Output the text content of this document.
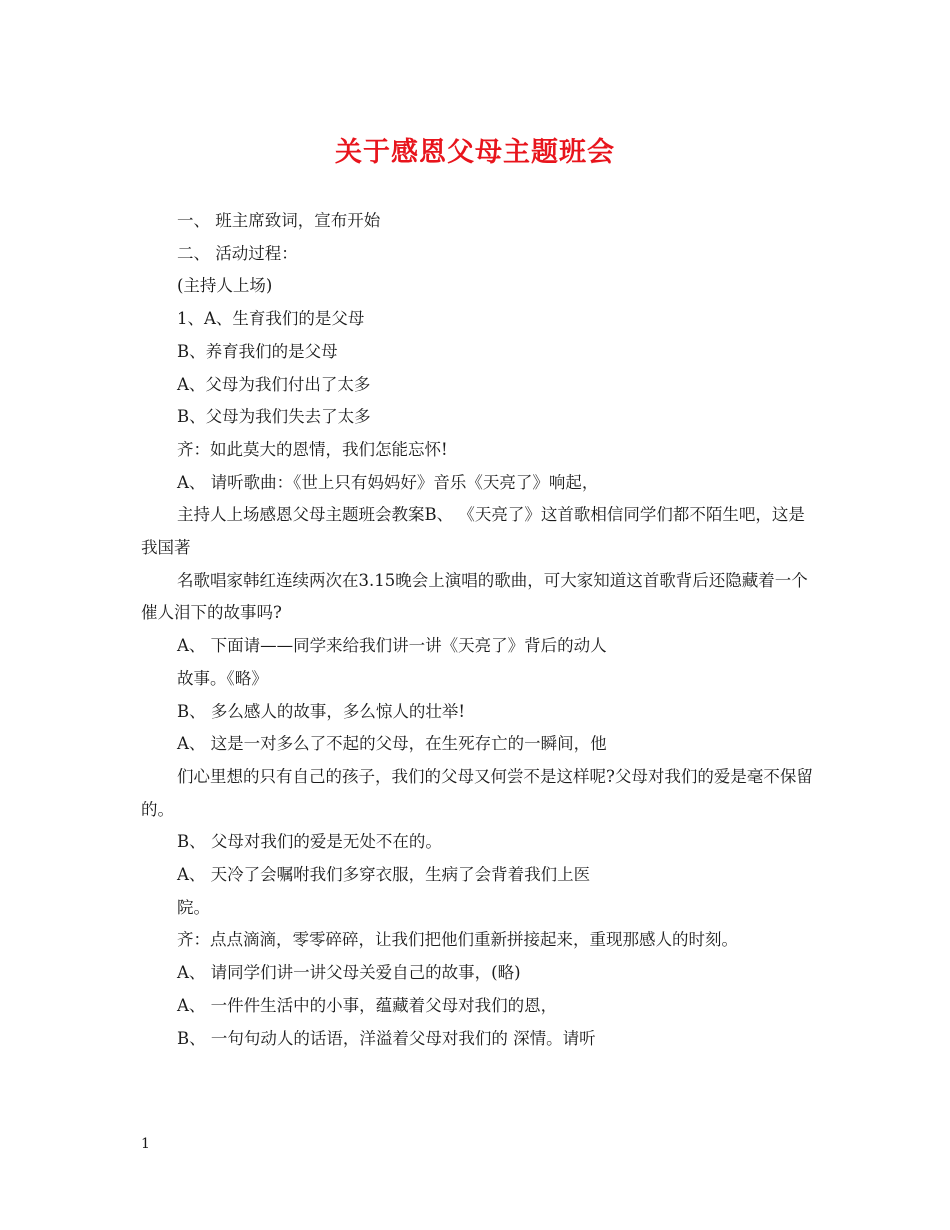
关于感恩父母主题班会

一、 班主席致词，宣布开始

二、 活动过程：

(主持人上场)

1、A、生育我们的是父母

B、养育我们的是父母

A、父母为我们付出了太多

B、父母为我们失去了太多

齐：如此莫大的恩情，我们怎能忘怀!

A、 请听歌曲：《世上只有妈妈好》音乐《天亮了》响起，

主持人上场感恩父母主题班会教案B、 《天亮了》这首歌相信同学们都不陌生吧，这是我国著

名歌唱家韩红连续两次在3.15晚会上演唱的歌曲，可大家知道这首歌背后还隐藏着一个催人泪下的故事吗?

A、 下面请——同学来给我们讲一讲《天亮了》背后的动人

故事。《略》

B、 多么感人的故事，多么惊人的壮举!

A、 这是一对多么了不起的父母，在生死存亡的一瞬间，他

们心里想的只有自己的孩子，我们的父母又何尝不是这样呢?父母对我们的爱是毫不保留的。

B、 父母对我们的爱是无处不在的。

A、 天冷了会嘱咐我们多穿衣服，生病了会背着我们上医

院。

齐：点点滴滴，零零碎碎，让我们把他们重新拼接起来，重现那感人的时刻。

A、 请同学们讲一讲父母关爱自己的故事，(略)

A、 一件件生活中的小事，蕴藏着父母对我们的恩，

B、 一句句动人的话语，洋溢着父母对我们的 深情。请听

1
